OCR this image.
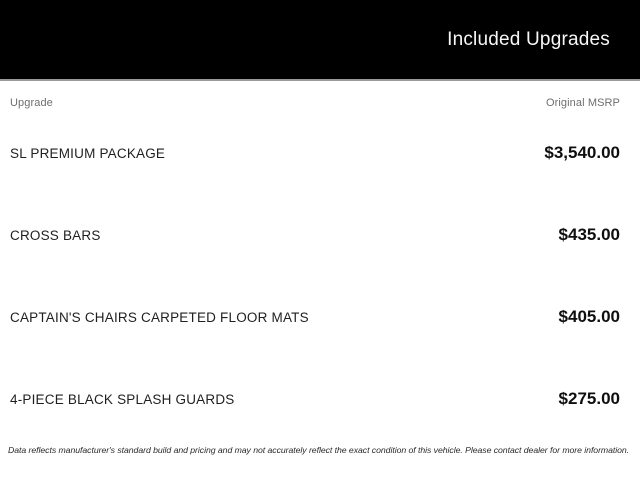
Included Upgrades
Upgrade	Original MSRP
SL PREMIUM PACKAGE	$3,540.00
CROSS BARS	$435.00
CAPTAIN'S CHAIRS CARPETED FLOOR MATS	$405.00
4-PIECE BLACK SPLASH GUARDS	$275.00
Data reflects manufacturer's standard build and pricing and may not accurately reflect the exact condition of this vehicle. Please contact dealer for more information.
